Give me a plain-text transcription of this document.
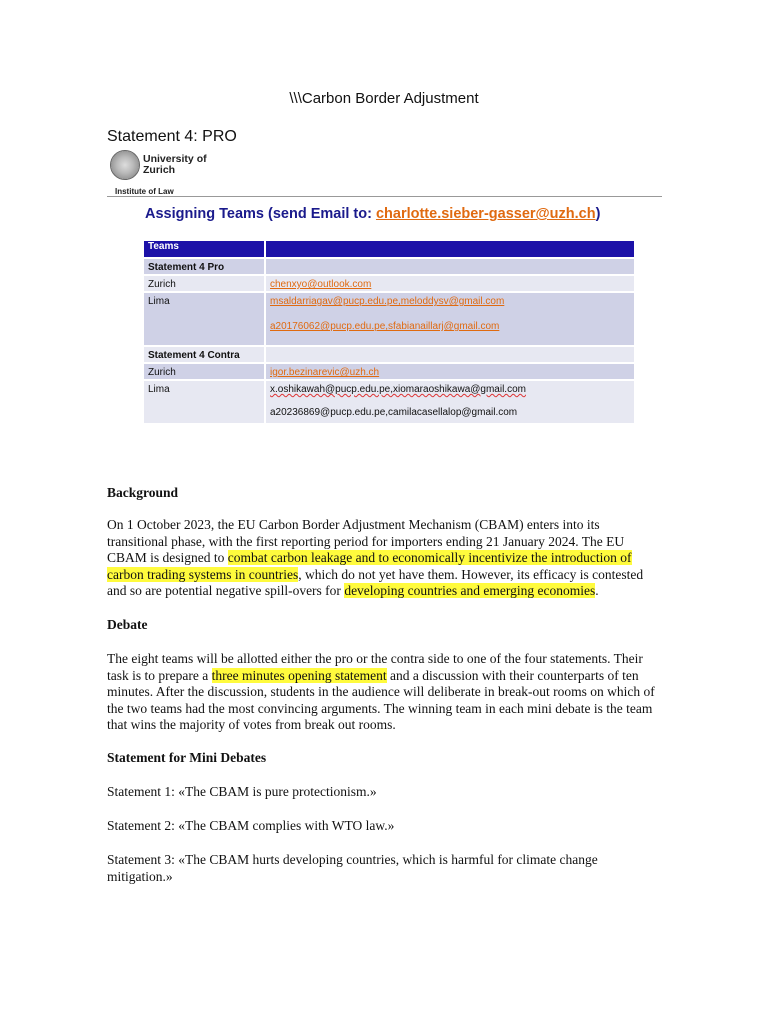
\\\Carbon Border Adjustment
Statement 4: PRO
University of
Zurich
Institute of Law
Assigning Teams (send Email to: charlotte.sieber-gasser@uzh.ch)
Teams	
Statement 4 Pro	
Zurich	chenxyo@outlook.com
Lima	msaldarriagav@pucp.edu.pe,meloddysv@gmail.com
a20176062@pucp.edu.pe,sfabianaillarj@gmail.com

Statement 4 Contra	
Zurich	igor.bezinarevic@uzh.ch
Lima	x.oshikawah@pucp.edu.pe,xiomaraoshikawa@gmail.com
a20236869@pucp.edu.pe,camilacasellalop@gmail.com
Background
On 1 October 2023, the EU Carbon Border Adjustment Mechanism (CBAM) enters into its transitional phase, with the first reporting period for importers ending 21 January 2024. The EU CBAM is designed to combat carbon leakage and to economically incentivize the introduction of carbon trading systems in countries, which do not yet have them. However, its efficacy is contested and so are potential negative spill-overs for developing countries and emerging economies.
Debate
The eight teams will be allotted either the pro or the contra side to one of the four statements. Their task is to prepare a three minutes opening statement and a discussion with their counterparts of ten minutes. After the discussion, students in the audience will deliberate in break-out rooms on which of the two teams had the most convincing arguments. The winning team in each mini debate is the team that wins the majority of votes from break out rooms.
Statement for Mini Debates
Statement 1: «The CBAM is pure protectionism.»
Statement 2: «The CBAM complies with WTO law.»
Statement 3: «The CBAM hurts developing countries, which is harmful for climate change mitigation.»
